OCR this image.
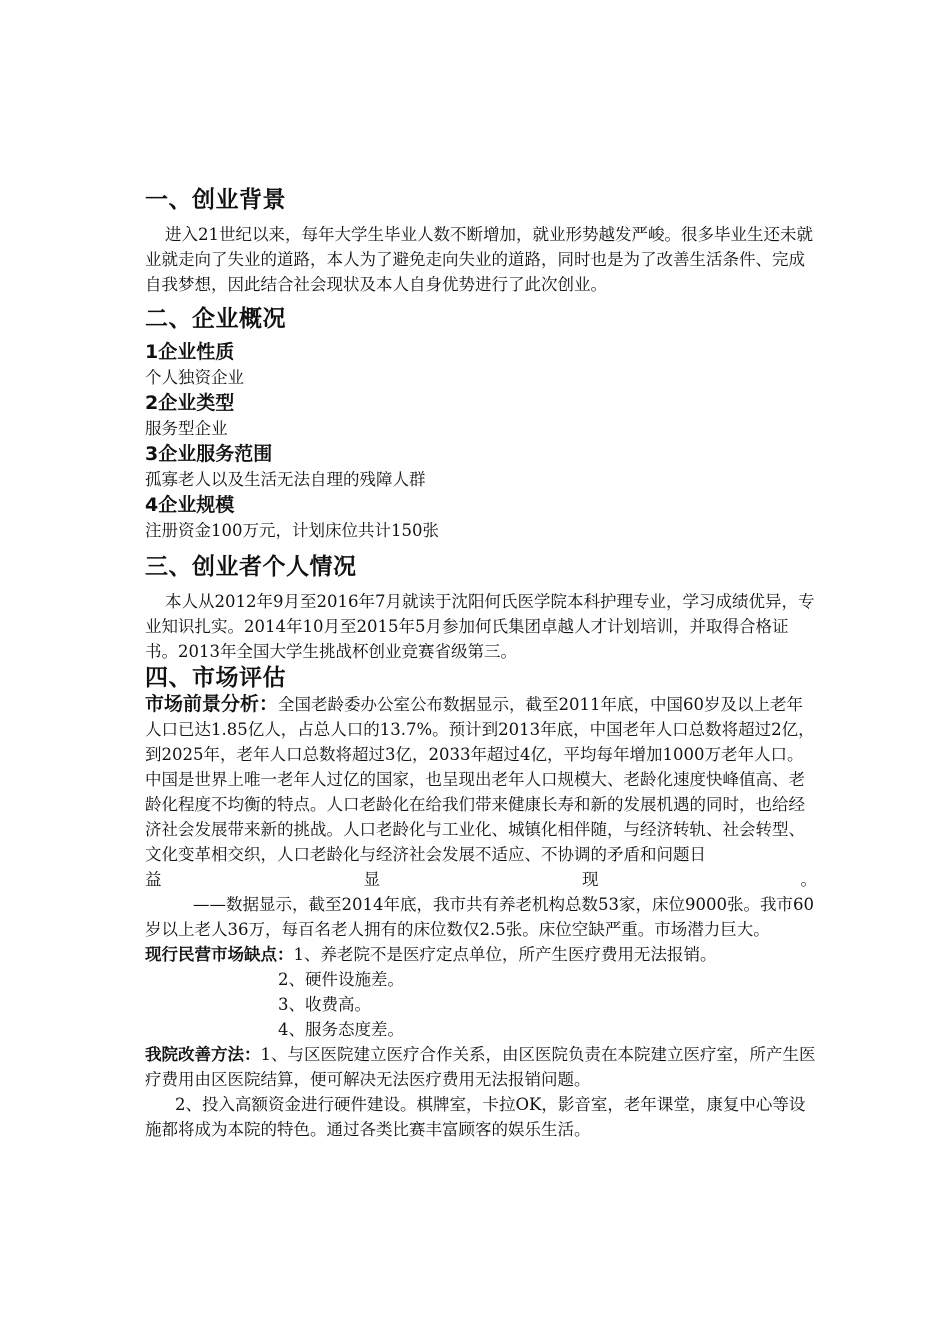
一、创业背景

进入21世纪以来，每年大学生毕业人数不断增加，就业形势越发严峻。很多毕业生还未就业就走向了失业的道路，本人为了避免走向失业的道路，同时也是为了改善生活条件、完成自我梦想，因此结合社会现状及本人自身优势进行了此次创业。

二、企业概况
1企业性质

个人独资企业

2企业类型

服务型企业

3企业服务范围

孤寡老人以及生活无法自理的残障人群

4企业规模

注册资金100万元，计划床位共计150张

三、创业者个人情况

本人从2012年9月至2016年7月就读于沈阳何氏医学院本科护理专业，学习成绩优异，专业知识扎实。2014年10月至2015年5月参加何氏集团卓越人才计划培训，并取得合格证书。2013年全国大学生挑战杯创业竞赛省级第三。

四、市场评估

市场前景分析：全国老龄委办公室公布数据显示，截至2011年底，中国60岁及以上老年人口已达1.85亿人，占总人口的13.7%。预计到2013年底，中国老年人口总数将超过2亿，到2025年，老年人口总数将超过3亿，2033年超过4亿，平均每年增加1000万老年人口。中国是世界上唯一老年人过亿的国家，也呈现出老年人口规模大、老龄化速度快峰值高、老龄化程度不均衡的特点。人口老龄化在给我们带来健康长寿和新的发展机遇的同时，也给经济社会发展带来新的挑战。人口老龄化与工业化、城镇化相伴随，与经济转轨、社会转型、文化变革相交织，人口老龄化与经济社会发展不适应、不协调的矛盾和问题日

益	显	现	。

——数据显示，截至2014年底，我市共有养老机构总数53家，床位9000张。我市60岁以上老人36万，每百名老人拥有的床位数仅2.5张。床位空缺严重。市场潜力巨大。

现行民营市场缺点：1、养老院不是医疗定点单位，所产生医疗费用无法报销。

2、硬件设施差。

3、收费高。

4、服务态度差。

我院改善方法：1、与区医院建立医疗合作关系，由区医院负责在本院建立医疗室，所产生医疗费用由区医院结算，便可解决无法医疗费用无法报销问题。

2、投入高额资金进行硬件建设。棋牌室，卡拉OK，影音室，老年课堂，康复中心等设施都将成为本院的特色。通过各类比赛丰富顾客的娱乐生活。
